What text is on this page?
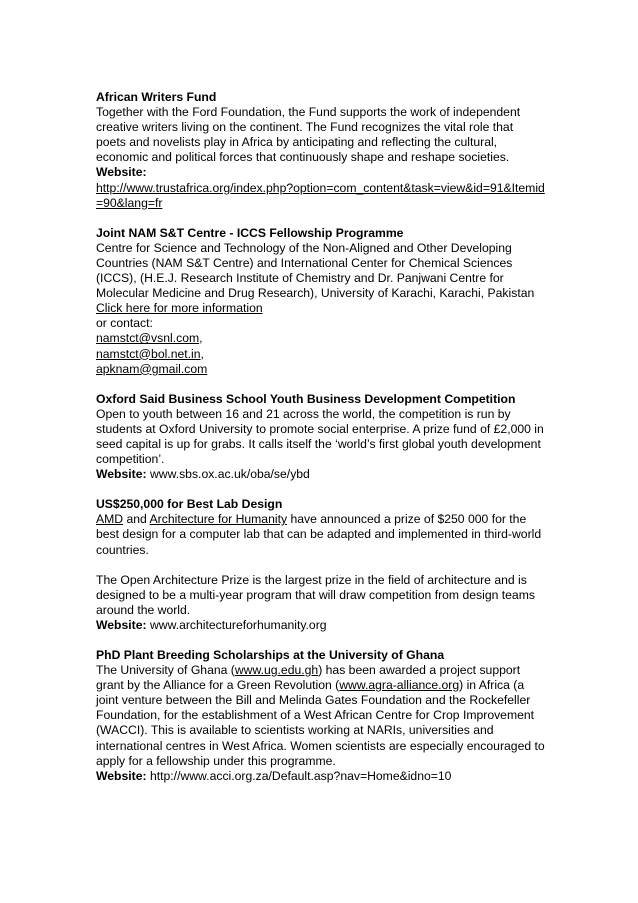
African Writers Fund

Together with the Ford Foundation, the Fund supports the work of independent creative writers living on the continent. The Fund recognizes the vital role that poets and novelists play in Africa by anticipating and reflecting the cultural, economic and political forces that continuously shape and reshape societies.

Website:
http://www.trustafrica.org/index.php?option=com_content&task=view&id=91&Itemid=90&lang=fr
Joint NAM S&T Centre - ICCS Fellowship Programme

Centre for Science and Technology of the Non-Aligned and Other Developing Countries (NAM S&T Centre) and International Center for Chemical Sciences (ICCS), (H.E.J. Research Institute of Chemistry and Dr. Panjwani Centre for Molecular Medicine and Drug Research), University of Karachi, Karachi, Pakistan

Click here for more information
or contact:
namstct@vsnl.com,
namstct@bol.net.in,
apknam@gmail.com
Oxford Said Business School Youth Business Development Competition

Open to youth between 16 and 21 across the world, the competition is run by students at Oxford University to promote social enterprise. A prize fund of £2,000 in seed capital is up for grabs. It calls itself the ‘world’s first global youth development competition’.

Website: www.sbs.ox.ac.uk/oba/se/ybd
US$250,000 for Best Lab Design

AMD and Architecture for Humanity have announced a prize of $250 000 for the best design for a computer lab that can be adapted and implemented in third-world countries.

The Open Architecture Prize is the largest prize in the field of architecture and is designed to be a multi-year program that will draw competition from design teams around the world.

Website: www.architectureforhumanity.org
PhD Plant Breeding Scholarships at the University of Ghana

The University of Ghana (www.ug.edu.gh) has been awarded a project support grant by the Alliance for a Green Revolution (www.agra-alliance.org) in Africa (a joint venture between the Bill and Melinda Gates Foundation and the Rockefeller Foundation, for the establishment of a West African Centre for Crop Improvement (WACCI). This is available to scientists working at NARIs, universities and international centres in West Africa. Women scientists are especially encouraged to apply for a fellowship under this programme.

Website: http://www.acci.org.za/Default.asp?nav=Home&idno=10
